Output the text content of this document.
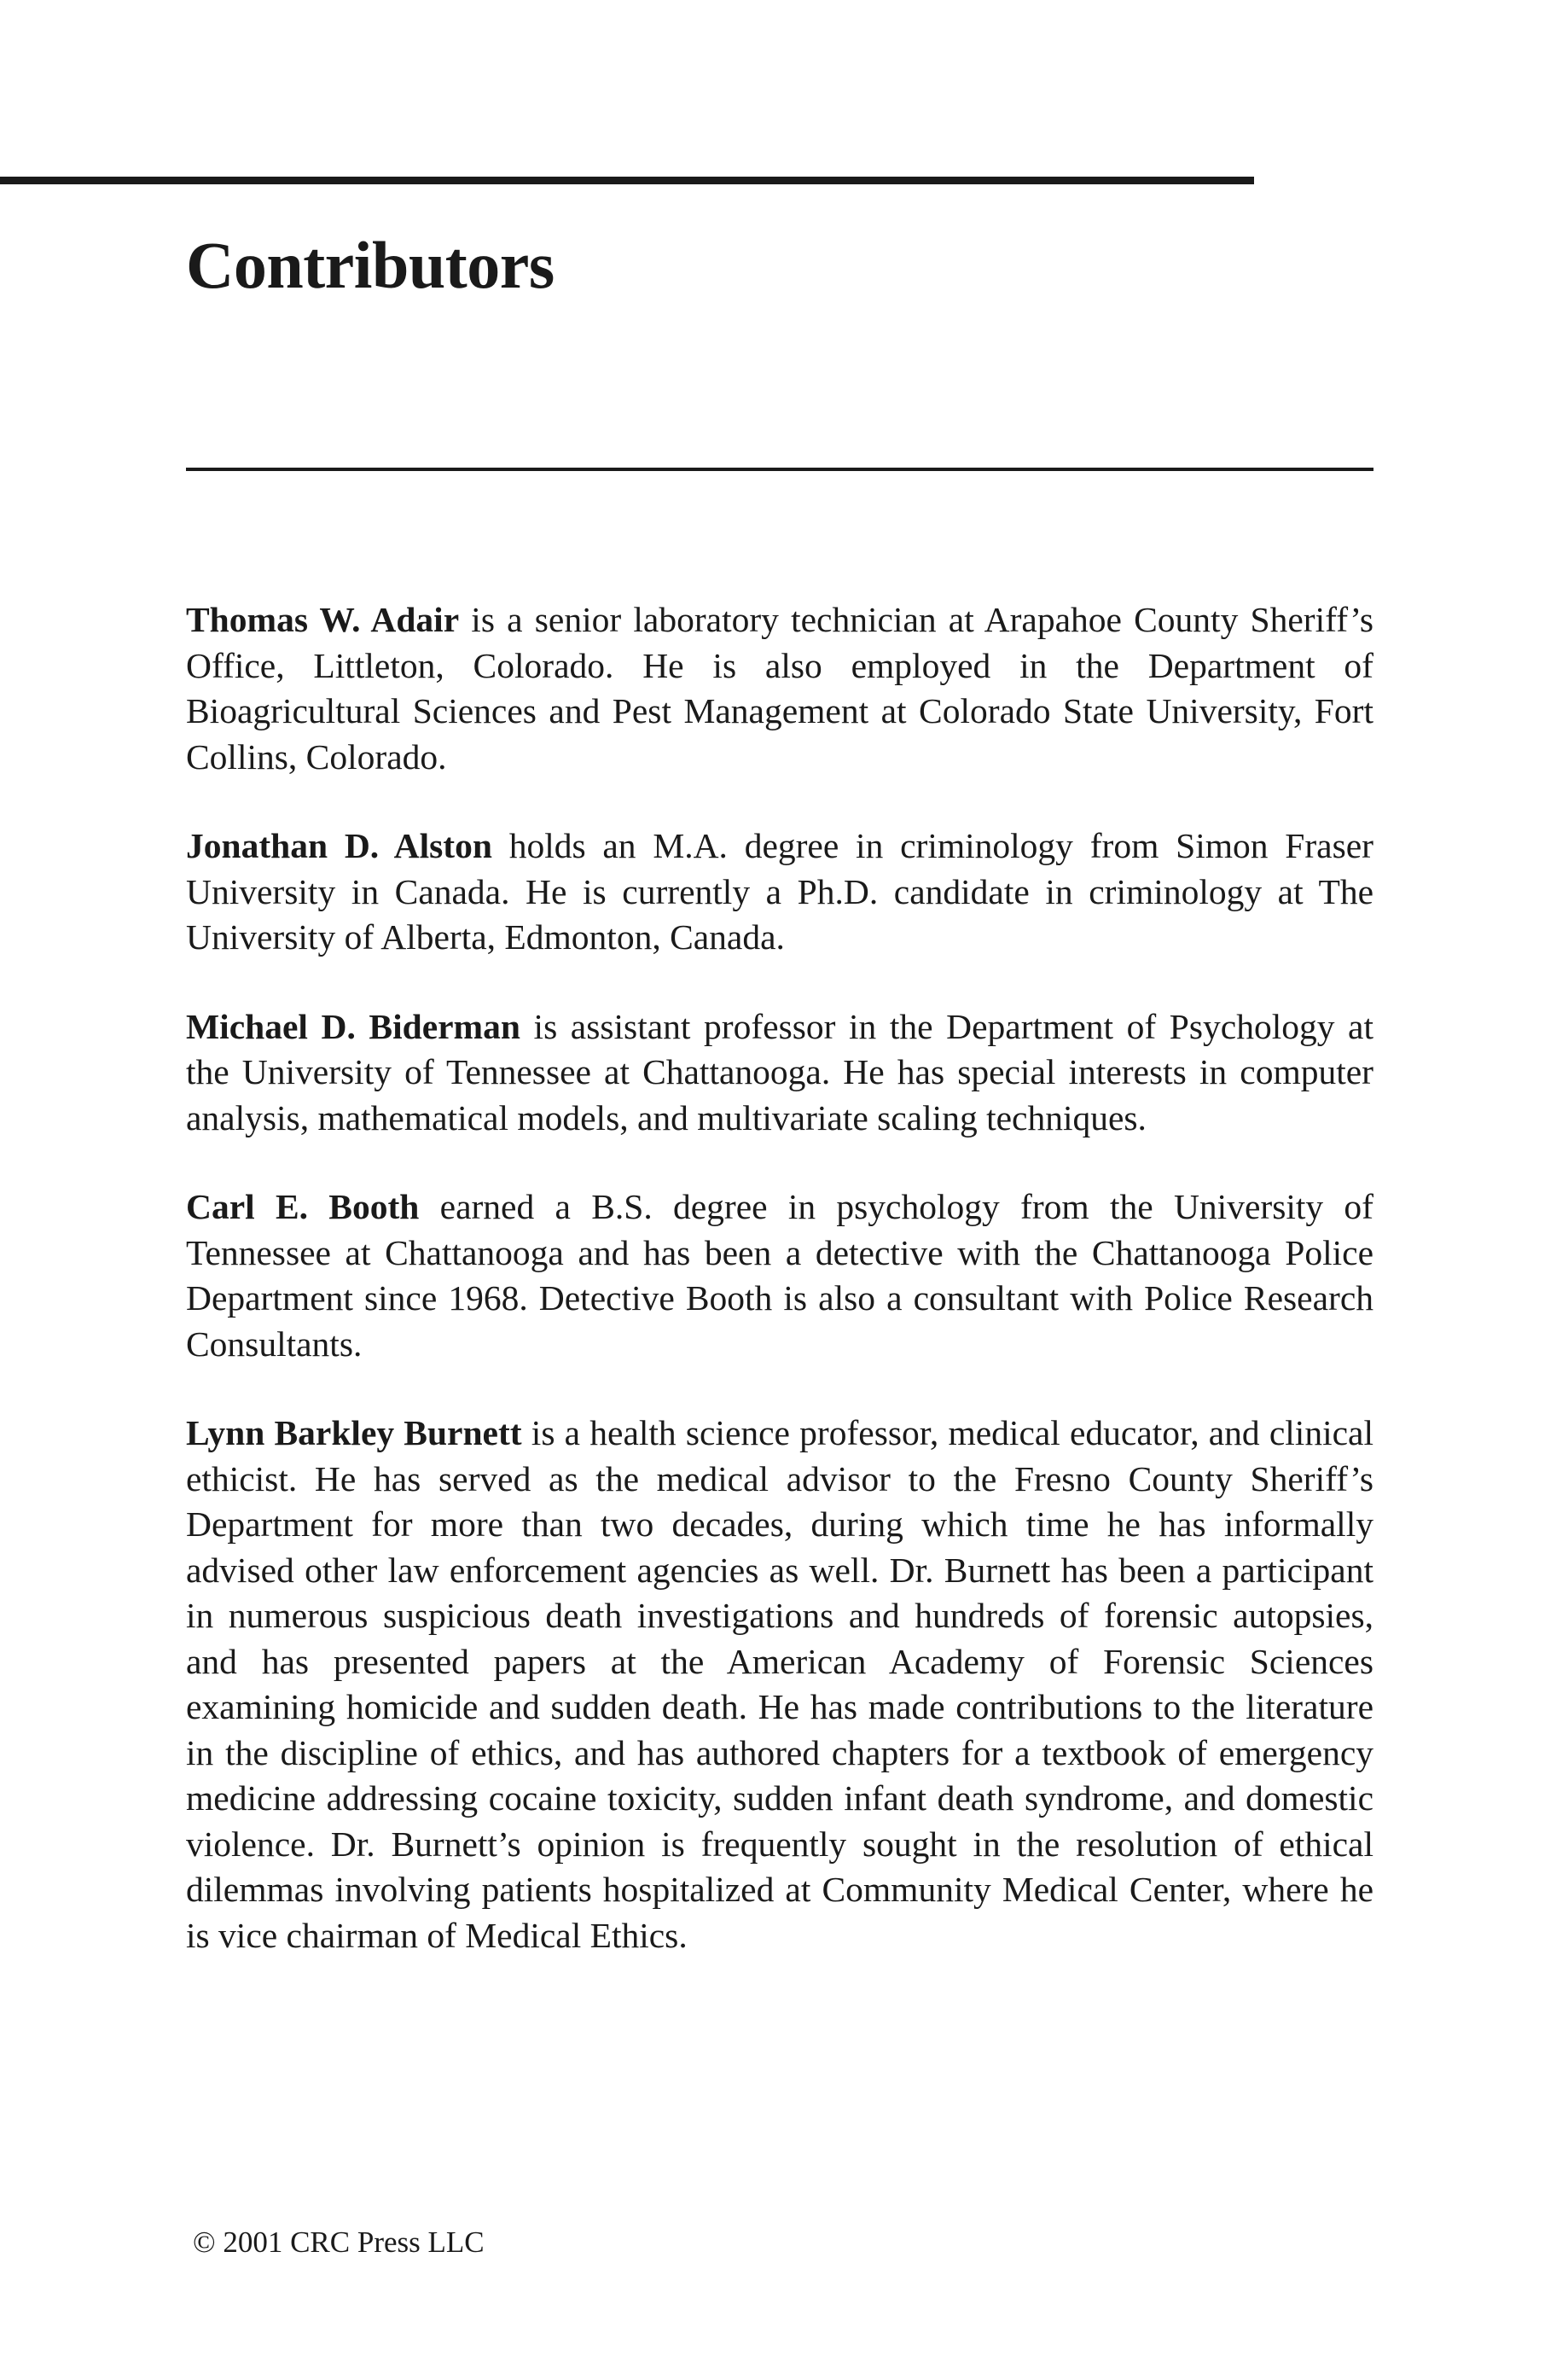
Contributors

Thomas W. Adair is a senior laboratory technician at Arapahoe County Sheriff’s Office, Littleton, Colorado. He is also employed in the Department of Bioagricultural Sciences and Pest Management at Colorado State University, Fort Collins, Colorado.

Jonathan D. Alston holds an M.A. degree in criminology from Simon Fraser University in Canada. He is currently a Ph.D. candidate in criminology at The University of Alberta, Edmonton, Canada.

Michael D. Biderman is assistant professor in the Department of Psychology at the University of Tennessee at Chattanooga. He has special interests in computer analysis, mathematical models, and multivariate scaling techniques.

Carl E. Booth earned a B.S. degree in psychology from the University of Tennessee at Chattanooga and has been a detective with the Chattanooga Police Department since 1968. Detective Booth is also a consultant with Police Research Consultants.

Lynn Barkley Burnett is a health science professor, medical educator, and clinical ethicist. He has served as the medical advisor to the Fresno County Sheriff’s Department for more than two decades, during which time he has informally advised other law enforcement agencies as well. Dr. Burnett has been a participant in numerous suspicious death investigations and hundreds of forensic autopsies, and has presented papers at the American Academy of Forensic Sciences examining homicide and sudden death. He has made contributions to the literature in the discipline of ethics, and has authored chapters for a textbook of emergency medicine addressing cocaine toxicity, sudden infant death syndrome, and domestic violence. Dr. Burnett’s opinion is frequently sought in the resolution of ethical dilemmas involving patients hospitalized at Community Medical Center, where he is vice chairman of Medical Ethics.

© 2001 CRC Press LLC
